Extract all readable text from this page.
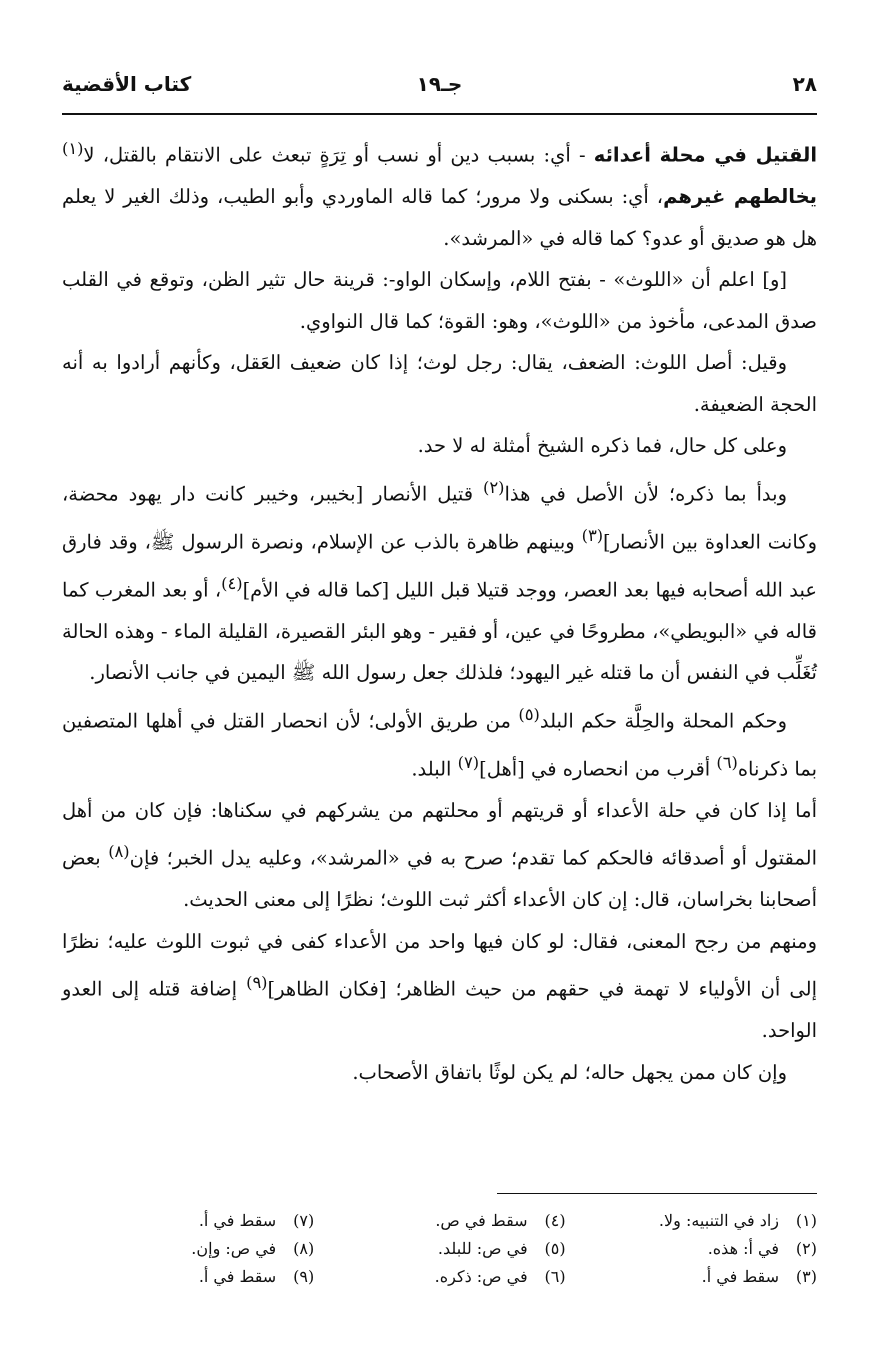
٢٨
جـ١٩
كتاب الأقضية

القتيل في محلة أعدائه - أي: بسبب دين أو نسب أو تِرَةٍ تبعث على الانتقام بالقتل، لا$^{(١)}$ يخالطهم غيرهم، أي: بسكنى ولا مرور؛ كما قاله الماوردي وأبو الطيب، وذلك الغير لا يعلم هل هو صديق أو عدو؟ كما قاله في «المرشد».

[و] اعلم أن «اللوث» - بفتح اللام، وإسكان الواو-: قرينة حال تثير الظن، وتوقع في القلب صدق المدعى، مأخوذ من «اللوث»، وهو: القوة؛ كما قال النواوي.

وقيل: أصل اللوث: الضعف، يقال: رجل لوث؛ إذا كان ضعيف العَقل، وكأنهم أرادوا به أنه الحجة الضعيفة.

وعلى كل حال، فما ذكره الشيخ أمثلة له لا حد.

وبدأ بما ذكره؛ لأن الأصل في هذا$^{(٢)}$ قتيل الأنصار [بخيبر، وخيبر كانت دار يهود محضة، وكانت العداوة بين الأنصار]$^{(٣)}$ وبينهم ظاهرة بالذب عن الإسلام، ونصرة الرسول ﷺ، وقد فارق عبد الله أصحابه فيها بعد العصر، ووجد قتيلا قبل الليل [كما قاله في الأم]$^{(٤)}$، أو بعد المغرب كما قاله في «البويطي»، مطروحًا في عين، أو فقير - وهو البئر القصيرة، القليلة الماء - وهذه الحالة تُغَلِّب في النفس أن ما قتله غير اليهود؛ فلذلك جعل رسول الله ﷺ اليمين في جانب الأنصار.

وحكم المحلة والحِلَّة حكم البلد$^{(٥)}$ من طريق الأولى؛ لأن انحصار القتل في أهلها المتصفين بما ذكرناه$^{(٦)}$ أقرب من انحصاره في [أهل]$^{(٧)}$ البلد.

أما إذا كان في حلة الأعداء أو قريتهم أو محلتهم من يشركهم في سكناها: فإن كان من أهل المقتول أو أصدقائه فالحكم كما تقدم؛ صرح به في «المرشد»، وعليه يدل الخبر؛ فإن$^{(٨)}$ بعض أصحابنا بخراسان، قال: إن كان الأعداء أكثر ثبت اللوث؛ نظرًا إلى معنى الحديث.

ومنهم من رجح المعنى، فقال: لو كان فيها واحد من الأعداء كفى في ثبوت اللوث عليه؛ نظرًا إلى أن الأولياء لا تهمة في حقهم من حيث الظاهر؛ [فكان الظاهر]$^{(٩)}$ إضافة قتله إلى العدو الواحد.

وإن كان ممن يجهل حاله؛ لم يكن لوثًا باتفاق الأصحاب.

(١)زاد في التنبيه: ولا.
(٤)سقط في ص.
(٧)سقط في أ.
(٢)في أ: هذه.
(٥)في ص: للبلد.
(٨)في ص: وإن.
(٣)سقط في أ.
(٦)في ص: ذكره.
(٩)سقط في أ.
